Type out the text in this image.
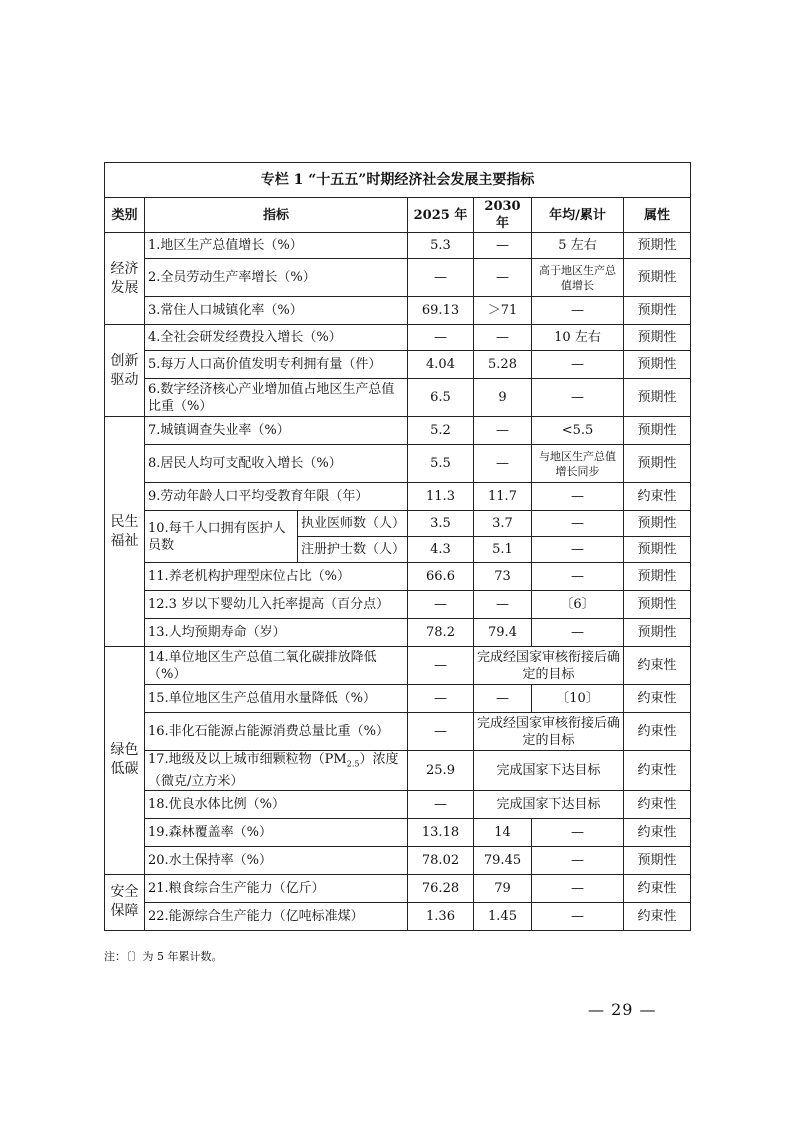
专栏 1 “十五五”时期经济社会发展主要指标						
类别	指标		2025 年	2030 年	年均/累计	属性
经济发展	1.地区生产总值增长（%）		5.3	—	5 左右	预期性
	2.全员劳动生产率增长（%）		—	—	高于地区生产总值增长	预期性
	3.常住人口城镇化率（%）		69.13	＞71	—	预期性
创新驱动	4.全社会研发经费投入增长（%）		—	—	10 左右	预期性
	5.每万人口高价值发明专利拥有量（件）		4.04	5.28	—	预期性
	6.数字经济核心产业增加值占地区生产总值比重（%）		6.5	9	—	预期性
民生福祉	7.城镇调查失业率（%）		5.2	—	<5.5	预期性
	8.居民人均可支配收入增长（%）		5.5	—	与地区生产总值增长同步	预期性
	9.劳动年龄人口平均受教育年限（年）		11.3	11.7	—	约束性
	10.每千人口拥有医护人员数	执业医师数（人）	3.5	3.7	—	预期性
		注册护士数（人）	4.3	5.1	—	预期性
	11.养老机构护理型床位占比（%）		66.6	73	—	预期性
	12.3 岁以下婴幼儿入托率提高（百分点）		—	—	〔6〕	预期性
	13.人均预期寿命（岁）		78.2	79.4	—	预期性
绿色低碳	14.单位地区生产总值二氧化碳排放降低（%）		—	完成经国家审核衔接后确定的目标		约束性
	15.单位地区生产总值用水量降低（%）		—	—	〔10〕	约束性
	16.非化石能源占能源消费总量比重（%）		—	完成经国家审核衔接后确定的目标		约束性
	17.地级及以上城市细颗粒物$(PM_{2.5})$浓度（微克/立方米）		25.9	完成国家下达目标		约束性
	18.优良水体比例（%）		—	完成国家下达目标		约束性
	19.森林覆盖率（%）		13.18	14	—	约束性
	20.水土保持率（%）		78.02	79.45	—	预期性
安全保障	21.粮食综合生产能力（亿斤）		76.28	79	—	约束性
	22.能源综合生产能力（亿吨标准煤）		1.36	1.45	—	约束性
注：〔〕为 5 年累计数。
— 29 —
